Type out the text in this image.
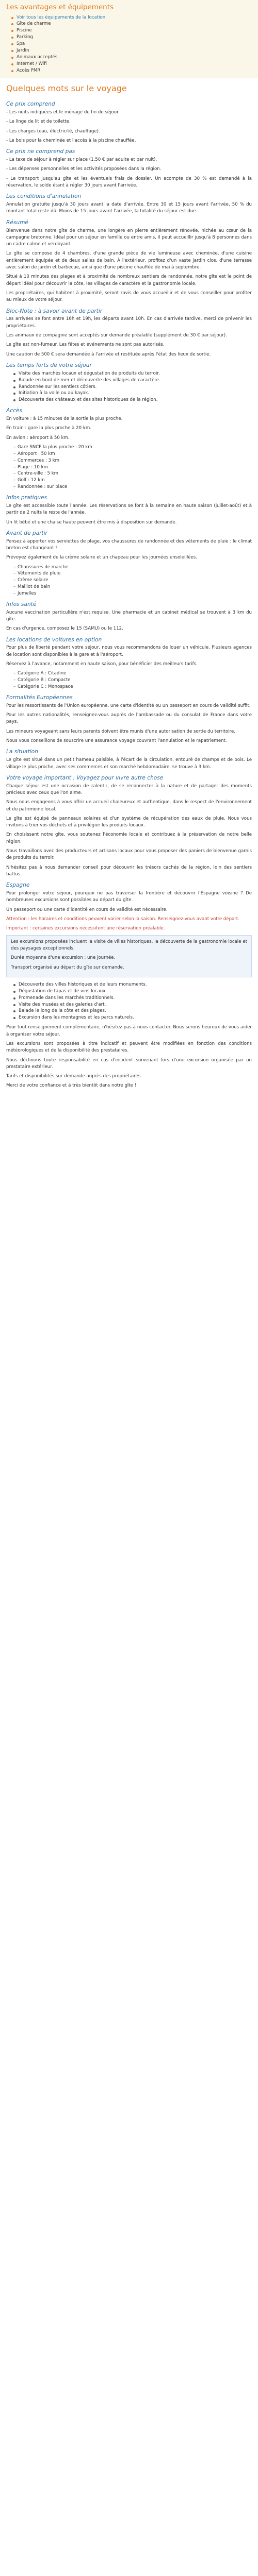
Les avantages et équipements
Voir tous les équipements de la location
Gîte de charme
Piscine
Parking
Spa
Jardin
Animaux acceptés
Internet / Wifi
Accès PMR
Quelques mots sur le voyage
Ce prix comprend

- Les nuits indiquées et le ménage de fin de séjour.

- Le linge de lit et de toilette.

- Les charges (eau, électricité, chauffage).

- Le bois pour la cheminée et l'accès à la piscine chauffée.

Ce prix ne comprend pas

- La taxe de séjour à régler sur place (1,50 € par adulte et par nuit).

- Les dépenses personnelles et les activités proposées dans la région.

- Le transport jusqu'au gîte et les éventuels frais de dossier. Un acompte de 30 % est demandé à la réservation, le solde étant à régler 30 jours avant l'arrivée.

Les conditions d'annulation

Annulation gratuite jusqu'à 30 jours avant la date d'arrivée. Entre 30 et 15 jours avant l'arrivée, 50 % du montant total reste dû. Moins de 15 jours avant l'arrivée, la totalité du séjour est due.

Résumé

Bienvenue dans notre gîte de charme, une longère en pierre entièrement rénovée, nichée au cœur de la campagne bretonne. Idéal pour un séjour en famille ou entre amis, il peut accueillir jusqu'à 8 personnes dans un cadre calme et verdoyant.

Le gîte se compose de 4 chambres, d'une grande pièce de vie lumineuse avec cheminée, d'une cuisine entièrement équipée et de deux salles de bain. À l'extérieur, profitez d'un vaste jardin clos, d'une terrasse avec salon de jardin et barbecue, ainsi que d'une piscine chauffée de mai à septembre.

Situé à 10 minutes des plages et à proximité de nombreux sentiers de randonnée, notre gîte est le point de départ idéal pour découvrir la côte, les villages de caractère et la gastronomie locale.

Les propriétaires, qui habitent à proximité, seront ravis de vous accueillir et de vous conseiller pour profiter au mieux de votre séjour.

Bloc-Note : à savoir avant de partir

Les arrivées se font entre 16h et 19h, les départs avant 10h. En cas d'arrivée tardive, merci de prévenir les propriétaires.

Les animaux de compagnie sont acceptés sur demande préalable (supplément de 30 € par séjour).

Le gîte est non-fumeur. Les fêtes et événements ne sont pas autorisés.

Une caution de 500 € sera demandée à l'arrivée et restituée après l'état des lieux de sortie.

Les temps forts de votre séjour
Visite des marchés locaux et dégustation de produits du terroir.
Balade en bord de mer et découverte des villages de caractère.
Randonnée sur les sentiers côtiers.
Initiation à la voile ou au kayak.
Découverte des châteaux et des sites historiques de la région.
Accès

En voiture : à 15 minutes de la sortie la plus proche.

En train : gare la plus proche à 20 km.

En avion : aéroport à 50 km.

– Gare SNCF la plus proche : 20 km
– Aéroport : 50 km
– Commerces : 3 km
– Plage : 10 km
– Centre-ville : 5 km
– Golf : 12 km
– Randonnée : sur place
Infos pratiques

Le gîte est accessible toute l'année. Les réservations se font à la semaine en haute saison (juillet-août) et à partir de 2 nuits le reste de l'année.

Un lit bébé et une chaise haute peuvent être mis à disposition sur demande.

Avant de partir

Pensez à apporter vos serviettes de plage, vos chaussures de randonnée et des vêtements de pluie : le climat breton est changeant !

Prévoyez également de la crème solaire et un chapeau pour les journées ensoleillées.

– Chaussures de marche
– Vêtements de pluie
– Crème solaire
– Maillot de bain
– Jumelles
Infos santé

Aucune vaccination particulière n'est requise. Une pharmacie et un cabinet médical se trouvent à 3 km du gîte.

En cas d'urgence, composez le 15 (SAMU) ou le 112.

Les locations de voitures en option

Pour plus de liberté pendant votre séjour, nous vous recommandons de louer un véhicule. Plusieurs agences de location sont disponibles à la gare et à l'aéroport.

Réservez à l'avance, notamment en haute saison, pour bénéficier des meilleurs tarifs.

– Catégorie A : Citadine
– Catégorie B : Compacte
– Catégorie C : Monospace
Formalités Européennes

Pour les ressortissants de l'Union européenne, une carte d'identité ou un passeport en cours de validité suffit.

Pour les autres nationalités, renseignez-vous auprès de l'ambassade ou du consulat de France dans votre pays.

Les mineurs voyageant sans leurs parents doivent être munis d'une autorisation de sortie du territoire.

Nous vous conseillons de souscrire une assurance voyage couvrant l'annulation et le rapatriement.

La situation

Le gîte est situé dans un petit hameau paisible, à l'écart de la circulation, entouré de champs et de bois. Le village le plus proche, avec ses commerces et son marché hebdomadaire, se trouve à 3 km.

Votre voyage important : Voyagez pour vivre autre chose

Chaque séjour est une occasion de ralentir, de se reconnecter à la nature et de partager des moments précieux avec ceux que l'on aime.

Nous nous engageons à vous offrir un accueil chaleureux et authentique, dans le respect de l'environnement et du patrimoine local.

Le gîte est équipé de panneaux solaires et d'un système de récupération des eaux de pluie. Nous vous invitons à trier vos déchets et à privilégier les produits locaux.

En choisissant notre gîte, vous soutenez l'économie locale et contribuez à la préservation de notre belle région.

Nous travaillons avec des producteurs et artisans locaux pour vous proposer des paniers de bienvenue garnis de produits du terroir.

N'hésitez pas à nous demander conseil pour découvrir les trésors cachés de la région, loin des sentiers battus.

Espagne

Pour prolonger votre séjour, pourquoi ne pas traverser la frontière et découvrir l'Espagne voisine ? De nombreuses excursions sont possibles au départ du gîte.

Un passeport ou une carte d'identité en cours de validité est nécessaire.

Attention : les horaires et conditions peuvent varier selon la saison. Renseignez-vous avant votre départ.

Important : certaines excursions nécessitent une réservation préalable.

Les excursions proposées incluent la visite de villes historiques, la découverte de la gastronomie locale et des paysages exceptionnels.

Durée moyenne d'une excursion : une journée.

Transport organisé au départ du gîte sur demande.

Découverte des villes historiques et de leurs monuments.
Dégustation de tapas et de vins locaux.
Promenade dans les marchés traditionnels.
Visite des musées et des galeries d'art.
Balade le long de la côte et des plages.
Excursion dans les montagnes et les parcs naturels.

Pour tout renseignement complémentaire, n'hésitez pas à nous contacter. Nous serons heureux de vous aider à organiser votre séjour.

Les excursions sont proposées à titre indicatif et peuvent être modifiées en fonction des conditions météorologiques et de la disponibilité des prestataires.

Nous déclinons toute responsabilité en cas d'incident survenant lors d'une excursion organisée par un prestataire extérieur.

Tarifs et disponibilités sur demande auprès des propriétaires.

Merci de votre confiance et à très bientôt dans notre gîte !
